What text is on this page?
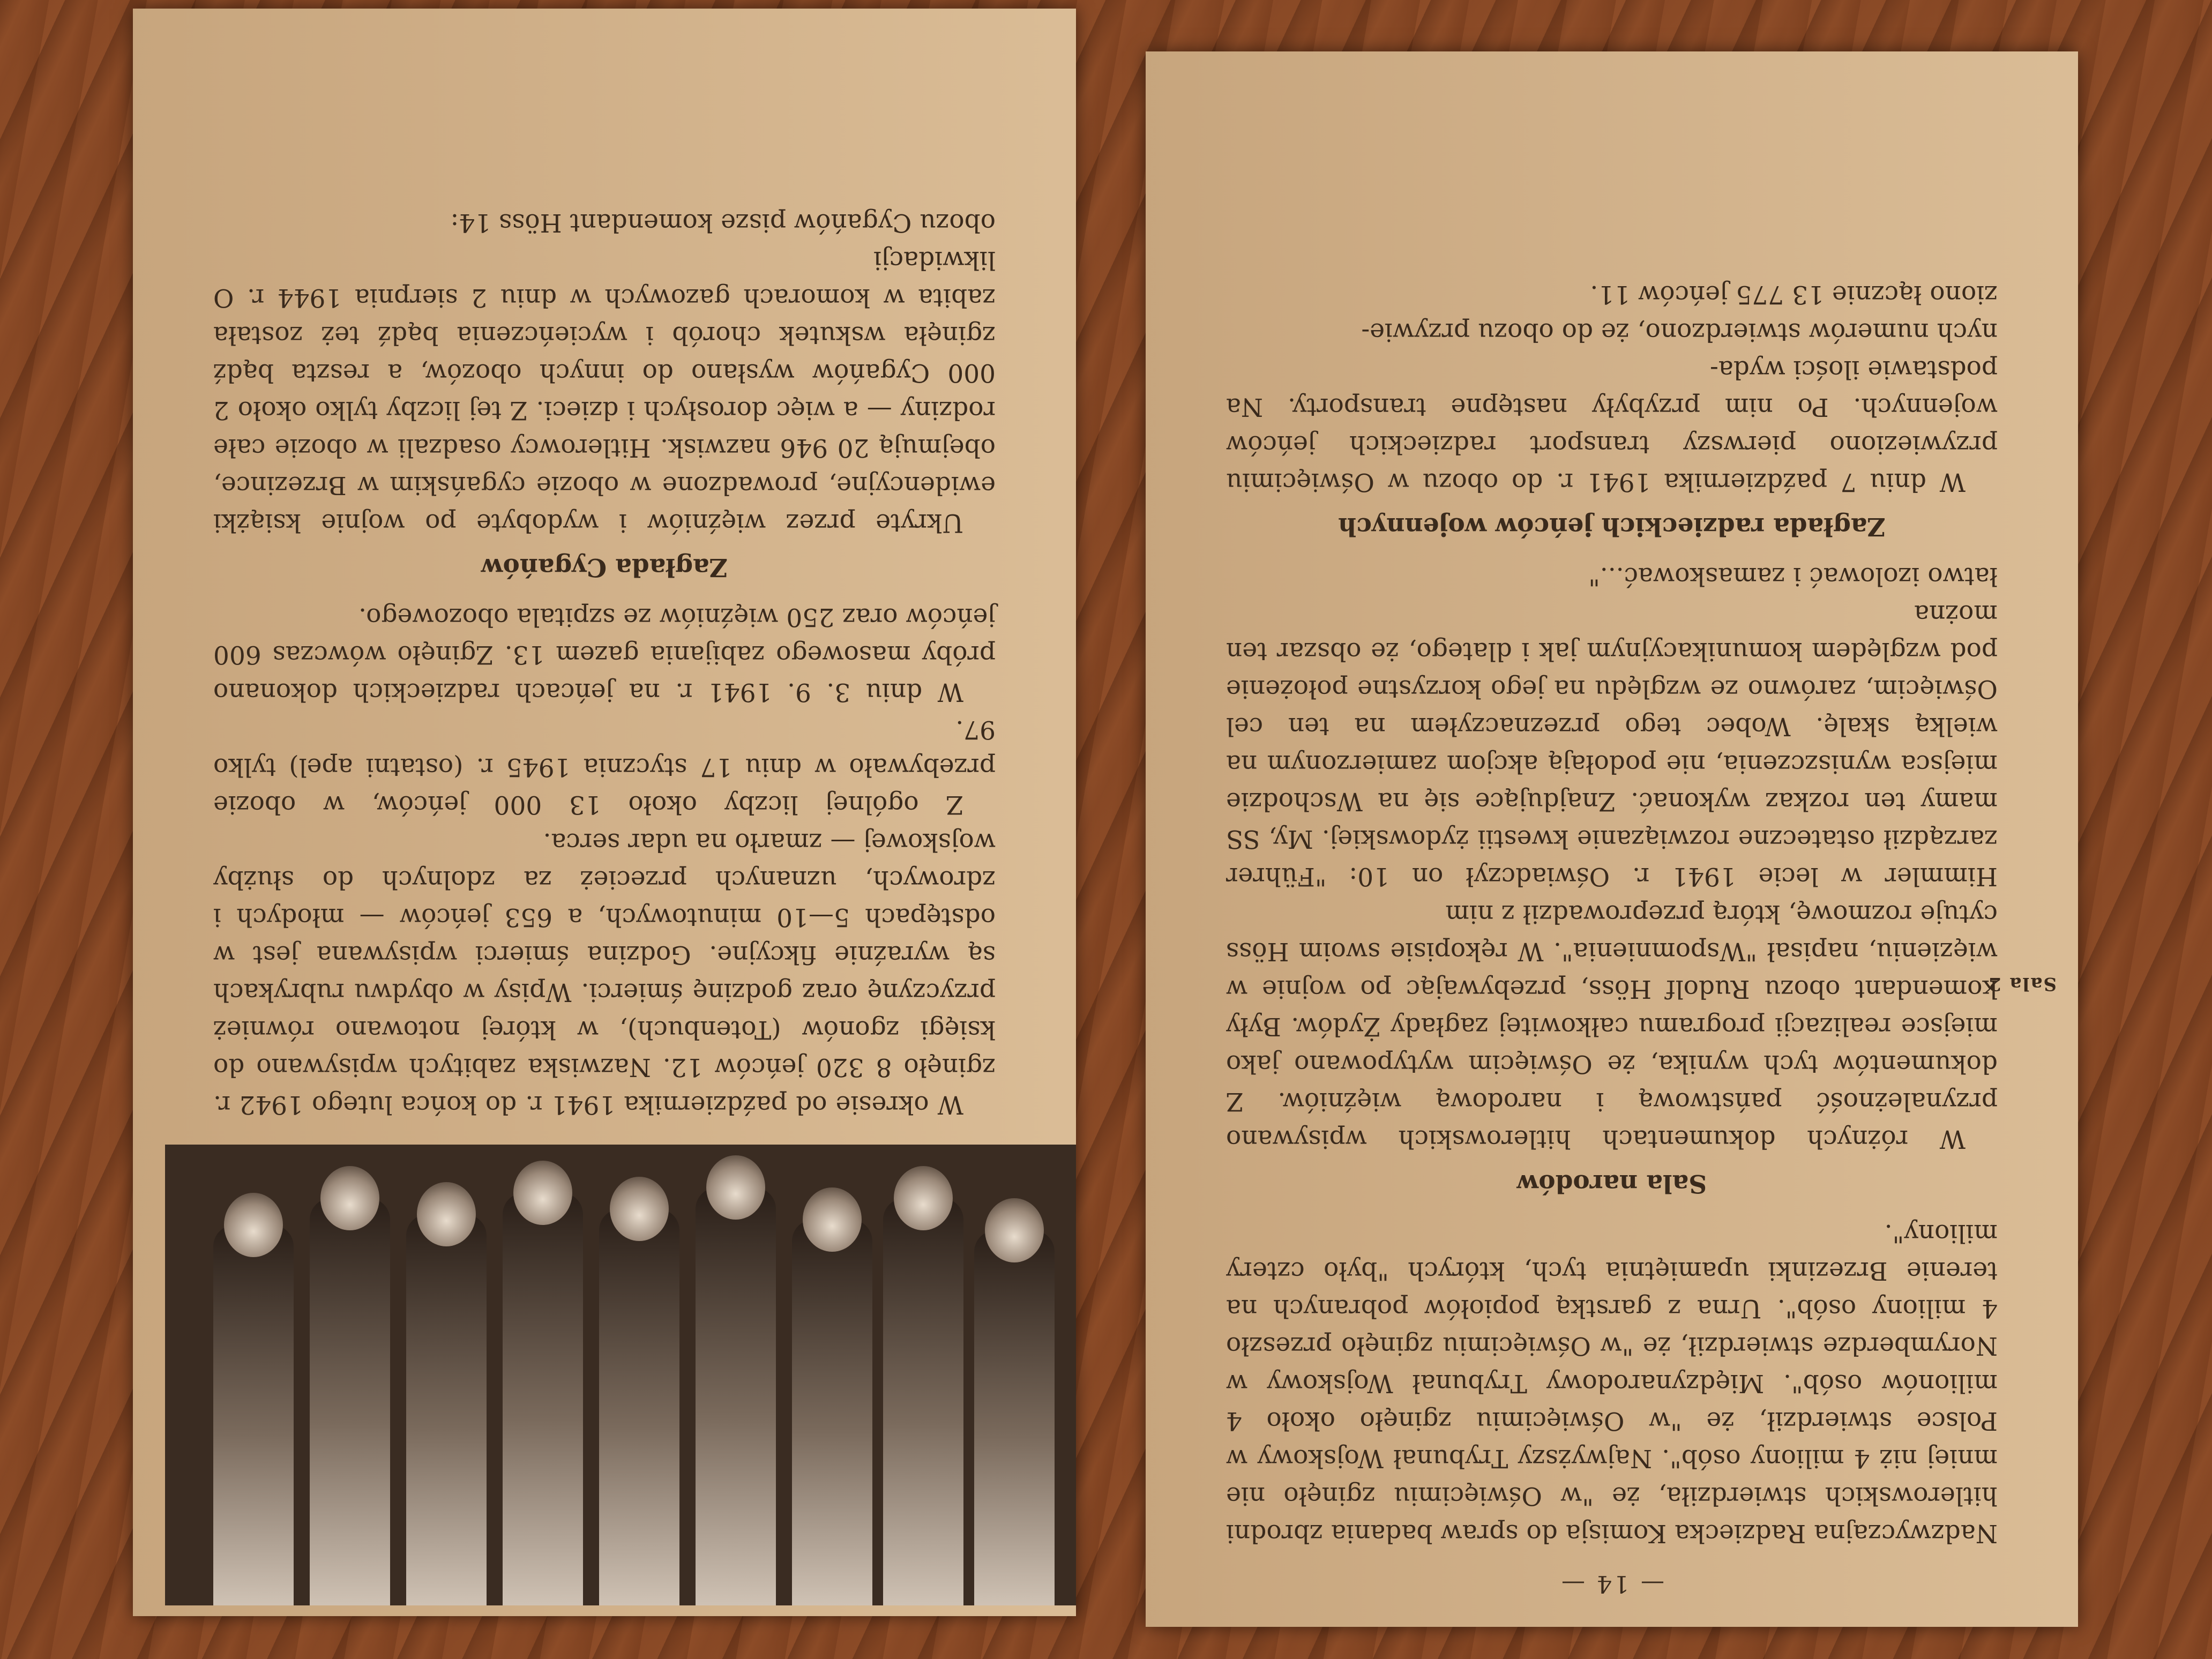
— 14 —

Nadzwyczajna Radziecka Komisja do spraw badania zbrodni hitlerowskich stwierdziła, że "w Oświęcimiu zginęło nie mniej niż 4 miliony osób". Najwyższy Trybunał Wojskowy w Polsce stwierdził, że "w Oświęcimiu zginęło około 4 milionów osób". Międzynarodowy Trybunał Wojskowy w Norymberdze stwierdził, że "w Oświęcimiu zginęło przeszło 4 miliony osób". Urna z garstką popiołów pobranych na terenie Brzezinki upamiętnia tych, których "było cztery miliony".

Sala narodów

W różnych dokumentach hitlerowskich wpisywano przynależność państwową i narodową więźniów. Z dokumentów tych wynika, że Oświęcim wytypowano jako miejsce realizacji programu całkowitej zagłady Żydów. Były komendant obozu Rudolf Höss, przebywając po wojnie w więzieniu, napisał "Wspomnienia". W rękopisie swoim Höss cytuje rozmowę, którą przeprowadził z nim

Himmler w lecie 1941 r. Oświadczył on 10: "Führer zarządził ostateczne rozwiązanie kwestii żydowskiej. My, SS mamy ten rozkaz wykonać. Znajdujące się na Wschodzie miejsca wyniszczenia, nie podołają akcjom zamierzonym na wielką skalę. Wobec tego przeznaczyłem na ten cel Oświęcim, zarówno ze względu na jego korzystne położenie pod względem komunikacyjnym jak i dlatego, że obszar ten można

łatwo izolować i zamaskować..."

Zagłada radzieckich jeńców wojennych

W dniu 7 października 1941 r. do obozu w Oświęcimiu przywieziono pierwszy transport radzieckich jeńców wojennych. Po nim przybyły następne transporty. Na podstawie ilości wyda-

nych numerów stwierdzono, że do obozu przywie-

zionо łącznie 13 775 jeńców 11.

Sala 2

W okresie od października 1941 r. do końca lutego 1942 r. zginęło 8 320 jeńców 12. Nazwiska zabitych wpisywano do księgi zgonów (Totenbuch), w której notowano również przyczynę oraz godzinę śmierci. Wpisy w obydwu rubrykach są wyraźnie fikcyjne. Godzina śmierci wpisywana jest w odstępach 5—10 minutowych, a 653 jeńców — młodych i zdrowych, uznanych przecież za zdolnych do służby wojskowej — zmarło na udar serca.

Z ogólnej liczby około 13 000 jeńców, w obozie przebywało w dniu 17 stycznia 1945 r. (ostatni apel) tylko 97.

W dniu 3. 9. 1941 r. na jeńcach radzieckich dokonano próby masowego zabijania gazem 13. Zginęło wówczas 600 jeńców oraz 250 więźniów ze szpitala obozowego.

Zagłada Cygańów

Ukryte przez więźniów i wydobyte po wojnie książki ewidencyjne, prowadzone w obozie cygańskim w Brzezince, obejmują 20 946 nazwisk. Hitlerowcy osadzali w obozie całe rodziny — a więc dorosłych i dzieci. Z tej liczby tylko około 2 000 Cygańów wysłano do innych obozów, a reszta bądź zginęła wskutek chorób i wycieńczenia bądź też została zabita w komorach gazowych w dniu 2 sierpnia 1944 r. O likwidacji

obozu Cygańów pisze komendant Höss 14:
